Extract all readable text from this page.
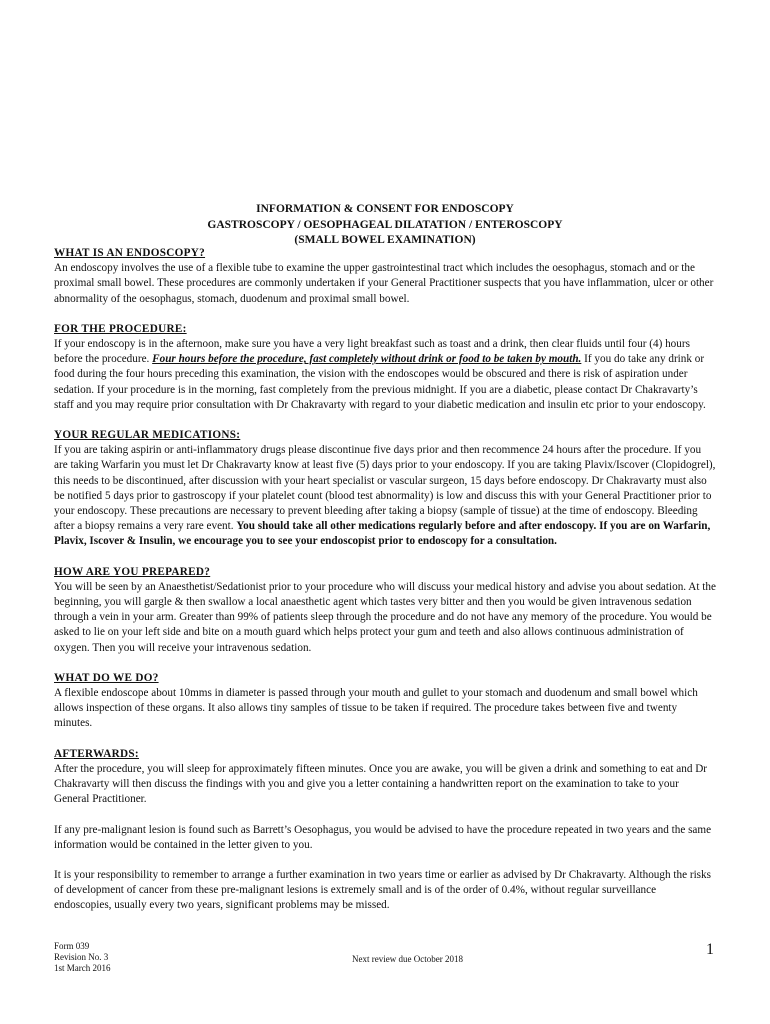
INFORMATION & CONSENT FOR ENDOSCOPY
GASTROSCOPY / OESOPHAGEAL DILATATION / ENTEROSCOPY
(SMALL BOWEL EXAMINATION)
WHAT IS AN ENDOSCOPY?
An endoscopy involves the use of a flexible tube to examine the upper gastrointestinal tract which includes the oesophagus, stomach and or the proximal small bowel. These procedures are commonly undertaken if your General Practitioner suspects that you have inflammation, ulcer or other abnormality of the oesophagus, stomach, duodenum and proximal small bowel.
FOR THE PROCEDURE:
If your endoscopy is in the afternoon, make sure you have a very light breakfast such as toast and a drink, then clear fluids until four (4) hours before the procedure. Four hours before the procedure, fast completely without drink or food to be taken by mouth. If you do take any drink or food during the four hours preceding this examination, the vision with the endoscopes would be obscured and there is risk of aspiration under sedation. If your procedure is in the morning, fast completely from the previous midnight. If you are a diabetic, please contact Dr Chakravarty’s staff and you may require prior consultation with Dr Chakravarty with regard to your diabetic medication and insulin etc prior to your endoscopy.
YOUR REGULAR MEDICATIONS:
If you are taking aspirin or anti-inflammatory drugs please discontinue five days prior and then recommence 24 hours after the procedure. If you are taking Warfarin you must let Dr Chakravarty know at least five (5) days prior to your endoscopy. If you are taking Plavix/Iscover (Clopidogrel), this needs to be discontinued, after discussion with your heart specialist or vascular surgeon, 15 days before endoscopy. Dr Chakravarty must also be notified 5 days prior to gastroscopy if your platelet count (blood test abnormality) is low and discuss this with your General Practitioner prior to your endoscopy. These precautions are necessary to prevent bleeding after taking a biopsy (sample of tissue) at the time of endoscopy. Bleeding after a biopsy remains a very rare event. You should take all other medications regularly before and after endoscopy. If you are on Warfarin, Plavix, Iscover & Insulin, we encourage you to see your endoscopist prior to endoscopy for a consultation.
HOW ARE YOU PREPARED?
You will be seen by an Anaesthetist/Sedationist prior to your procedure who will discuss your medical history and advise you about sedation. At the beginning, you will gargle & then swallow a local anaesthetic agent which tastes very bitter and then you would be given intravenous sedation through a vein in your arm. Greater than 99% of patients sleep through the procedure and do not have any memory of the procedure. You would be asked to lie on your left side and bite on a mouth guard which helps protect your gum and teeth and also allows continuous administration of oxygen. Then you will receive your intravenous sedation.
WHAT DO WE DO?
A flexible endoscope about 10mms in diameter is passed through your mouth and gullet to your stomach and duodenum and small bowel which allows inspection of these organs. It also allows tiny samples of tissue to be taken if required. The procedure takes between five and twenty minutes.
AFTERWARDS:
After the procedure, you will sleep for approximately fifteen minutes. Once you are awake, you will be given a drink and something to eat and Dr Chakravarty will then discuss the findings with you and give you a letter containing a handwritten report on the examination to take to your General Practitioner.
If any pre-malignant lesion is found such as Barrett’s Oesophagus, you would be advised to have the procedure repeated in two years and the same information would be contained in the letter given to you.
It is your responsibility to remember to arrange a further examination in two years time or earlier as advised by Dr Chakravarty. Although the risks of development of cancer from these pre-malignant lesions is extremely small and is of the order of 0.4%, without regular surveillance endoscopies, usually every two years, significant problems may be missed.
Form 039
Revision No. 3
1st March 2016
Next review due October 2018
1
